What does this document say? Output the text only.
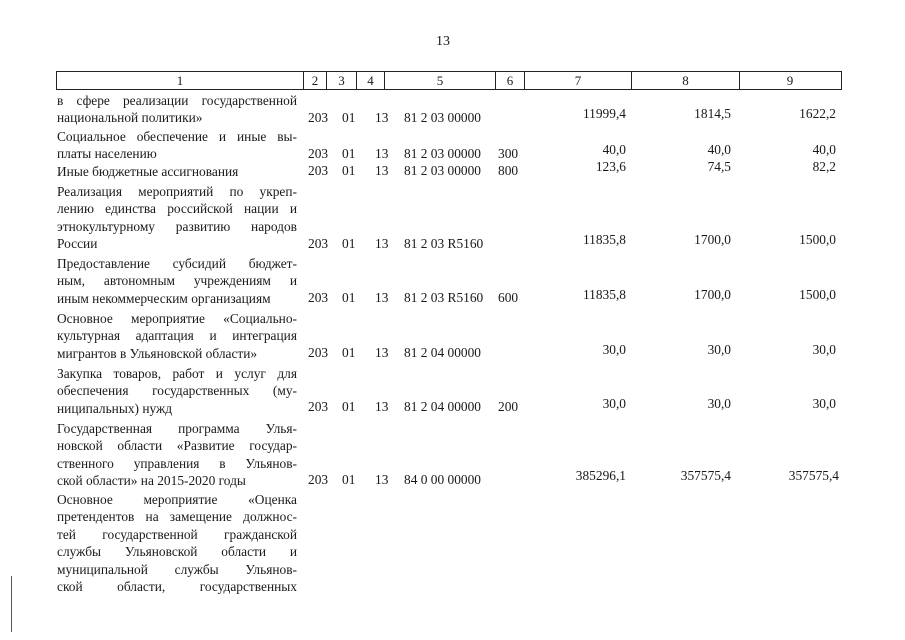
13
1	2	3	4	5	6	7	8	9
в сфере реализации государственной
национальной политики»	203 01 13 81 2 03 00000	11999,4	1814,5	1622,2
Социальное обеспечение и иные вы-
платы населению	203 01 13 81 2 03 00000 300	40,0	40,0	40,0
Иные бюджетные ассигнования	203 01 13 81 2 03 00000 800	123,6	74,5	82,2
Реализация мероприятий по укреп-
лению единства российской нации и
этнокультурному развитию народов
России	203 01 13 81 2 03 R5160	11835,8	1700,0	1500,0
Предоставление субсидий бюджет-
ным, автономным учреждениям и
иным некоммерческим организациям	203 01 13 81 2 03 R5160 600	11835,8	1700,0	1500,0
Основное мероприятие «Социально-
культурная адаптация и интеграция
мигрантов в Ульяновской области»	203 01 13 81 2 04 00000	30,0	30,0	30,0
Закупка товаров, работ и услуг для
обеспечения государственных (му-
ниципальных) нужд	203 01 13 81 2 04 00000 200	30,0	30,0	30,0
Государственная программа Улья-
новской области «Развитие государ-
ственного управления в Ульянов-
ской области» на 2015-2020 годы	203 01 13 84 0 00 00000	385296,1	357575,4	357575,4
Основное мероприятие «Оценка
претендентов на замещение должнос-
тей государственной гражданской
службы Ульяновской области и
муниципальной службы Ульянов-
ской области, государственных
